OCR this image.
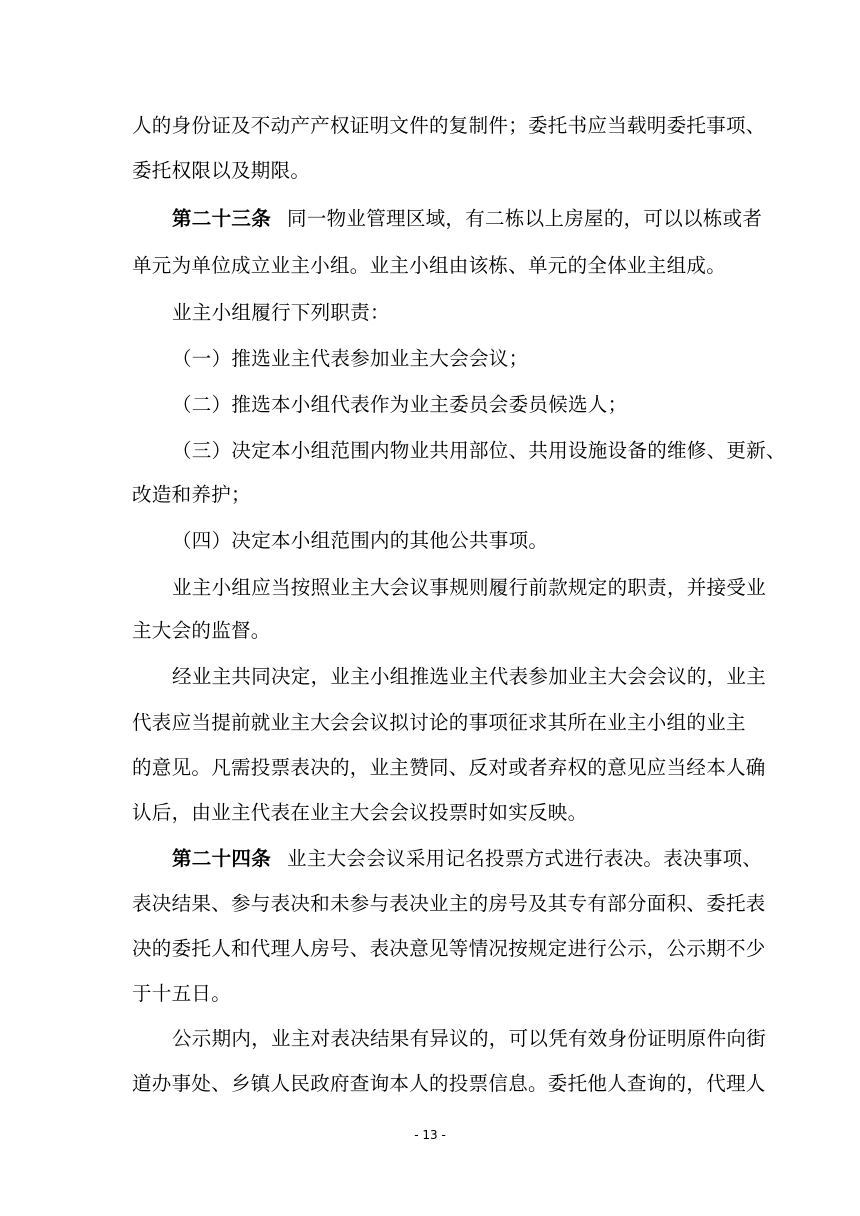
人的身份证及不动产产权证明文件的复制件；委托书应当载明委托事项、
委托权限以及期限。
第二十三条 同一物业管理区域，有二栋以上房屋的，可以以栋或者
单元为单位成立业主小组。业主小组由该栋、单元的全体业主组成。
业主小组履行下列职责：
（一）推选业主代表参加业主大会会议；
（二）推选本小组代表作为业主委员会委员候选人；
（三）决定本小组范围内物业共用部位、共用设施设备的维修、更新、
改造和养护；
（四）决定本小组范围内的其他公共事项。
业主小组应当按照业主大会议事规则履行前款规定的职责，并接受业
主大会的监督。
经业主共同决定，业主小组推选业主代表参加业主大会会议的，业主
代表应当提前就业主大会会议拟讨论的事项征求其所在业主小组的业主
的意见。凡需投票表决的，业主赞同、反对或者弃权的意见应当经本人确
认后，由业主代表在业主大会会议投票时如实反映。
第二十四条 业主大会会议采用记名投票方式进行表决。表决事项、
表决结果、参与表决和未参与表决业主的房号及其专有部分面积、委托表
决的委托人和代理人房号、表决意见等情况按规定进行公示，公示期不少
于十五日。
公示期内，业主对表决结果有异议的，可以凭有效身份证明原件向街
道办事处、乡镇人民政府查询本人的投票信息。委托他人查询的，代理人
- 13 -
